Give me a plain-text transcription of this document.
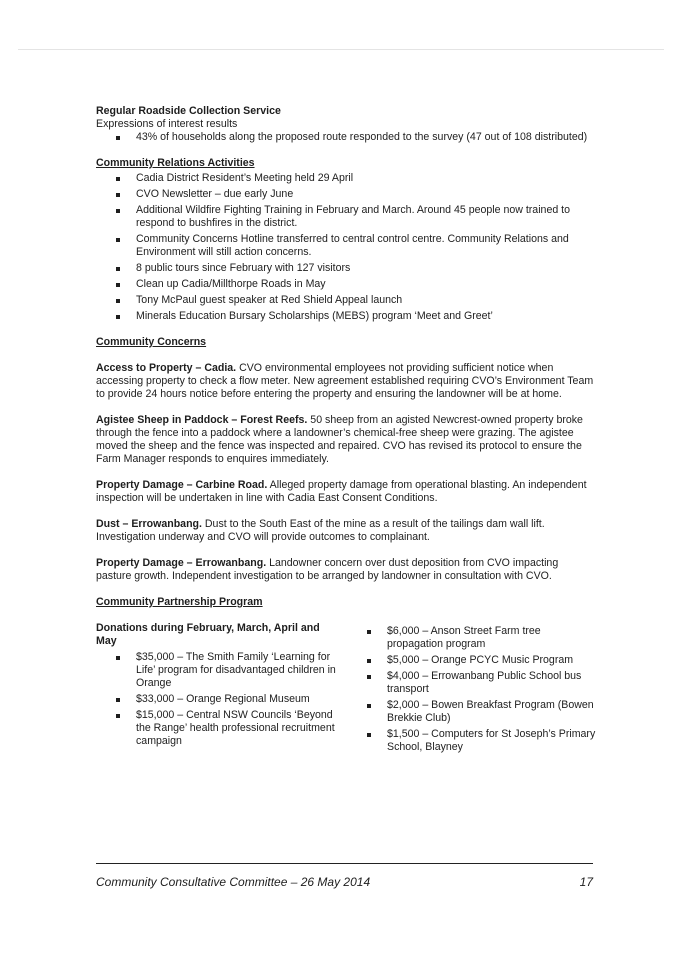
Regular Roadside Collection Service
Expressions of interest results
43% of households along the proposed route responded to the survey (47 out of 108 distributed)
Community Relations Activities
Cadia District Resident’s Meeting held 29 April
CVO Newsletter – due early June
Additional Wildfire Fighting Training in February and March. Around 45 people now trained to respond to bushfires in the district.
Community Concerns Hotline transferred to central control centre. Community Relations and Environment will still action concerns.
8 public tours since February with 127 visitors
Clean up Cadia/Millthorpe Roads in May
Tony McPaul guest speaker at Red Shield Appeal launch
Minerals Education Bursary Scholarships (MEBS) program ‘Meet and Greet’
Community Concerns

Access to Property – Cadia. CVO environmental employees not providing sufficient notice when accessing property to check a flow meter. New agreement established requiring CVO’s Environment Team to provide 24 hours notice before entering the property and ensuring the landowner will be at home.

Agistee Sheep in Paddock – Forest Reefs. 50 sheep from an agisted Newcrest-owned property broke through the fence into a paddock where a landowner’s chemical-free sheep were grazing. The agistee moved the sheep and the fence was inspected and repaired. CVO has revised its protocol to ensure the Farm Manager responds to enquires immediately.

Property Damage – Carbine Road. Alleged property damage from operational blasting. An independent inspection will be undertaken in line with Cadia East Consent Conditions.

Dust – Errowanbang. Dust to the South East of the mine as a result of the tailings dam wall lift. Investigation underway and CVO will provide outcomes to complainant.

Property Damage – Errowanbang. Landowner concern over dust deposition from CVO impacting pasture growth. Independent investigation to be arranged by landowner in consultation with CVO.

Community Partnership Program
Donations during February, March, April and May
$35,000 – The Smith Family ‘Learning for Life’ program for disadvantaged children in Orange
$33,000 – Orange Regional Museum
$15,000 – Central NSW Councils ‘Beyond the Range’ health professional recruitment campaign
$6,000 – Anson Street Farm tree propagation program
$5,000 – Orange PCYC Music Program
$4,000 – Errowanbang Public School bus transport
$2,000 – Bowen Breakfast Program (Bowen Brekkie Club)
$1,500 – Computers for St Joseph’s Primary School, Blayney
Community Consultative Committee – 26 May 2014	17
